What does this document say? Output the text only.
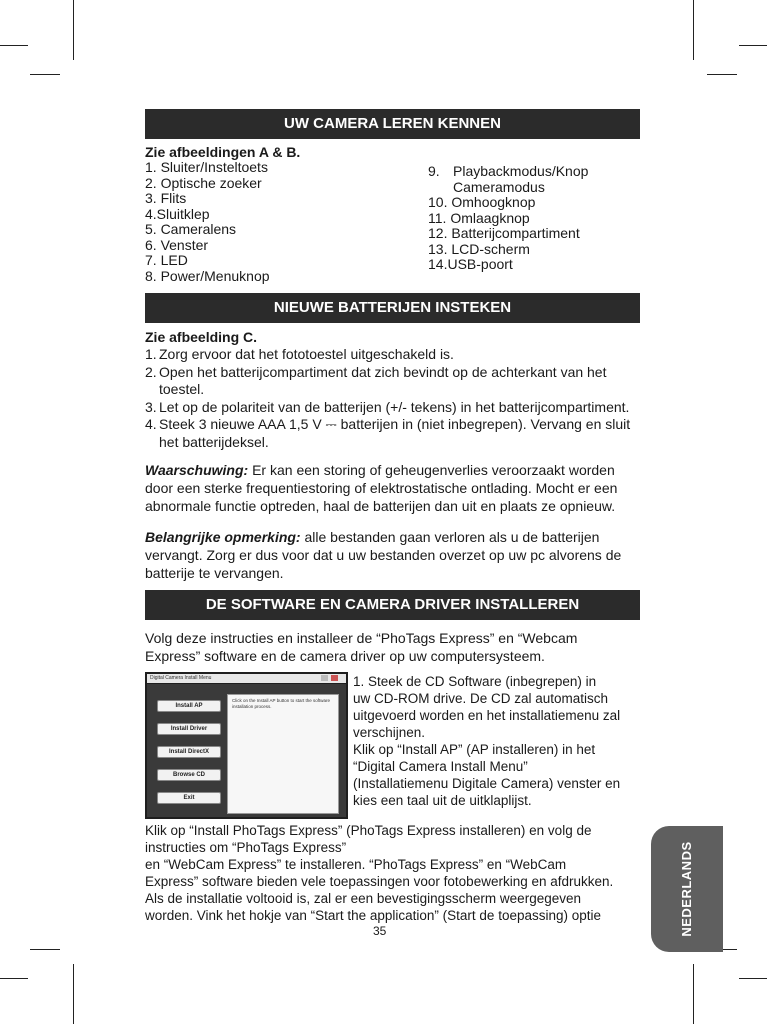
UW CAMERA LEREN KENNEN
Zie afbeeldingen A & B.
1. Sluiter/Insteltoets
2. Optische zoeker
3. Flits
4.Sluitklep
5. Cameralens
6. Venster
7. LED
8. Power/Menuknop
9. Playbackmodus/Knop
Cameramodus
10. Omhoogknop
11. Omlaagknop
12. Batterijcompartiment
13. LCD-scherm
14.USB-poort
NIEUWE BATTERIJEN INSTEKEN
Zie afbeelding C.
1. Zorg ervoor dat het fototoestel uitgeschakeld is.
2. Open het batterijcompartiment dat zich bevindt op de achterkant van het toestel.
3. Let op de polariteit van de batterijen (+/- tekens) in het batterijcompartiment.
4. Steek 3 nieuwe AAA 1,5 V ⎓ batterijen in (niet inbegrepen). Vervang en sluit het batterijdeksel.

Waarschuwing: Er kan een storing of geheugenverlies veroorzaakt worden door een sterke frequentiestoring of elektrostatische ontlading. Mocht er een abnormale functie optreden, haal de batterijen dan uit en plaats ze opnieuw.

Belangrijke opmerking: alle bestanden gaan verloren als u de batterijen vervangt. Zorg er dus voor dat u uw bestanden overzet op uw pc alvorens de batterije te vervangen.

DE SOFTWARE EN CAMERA DRIVER INSTALLEREN

Volg deze instructies en installeer de “PhoTags Express” en “Webcam Express” software en de camera driver op uw computersysteem.

Digital Camera Install Menu
Install AP
Install Driver
Install DirectX
Browse CD
Exit
Click on the Install AP button to start the software installation process.
1. Steek de CD Software (inbegrepen) in
uw CD-ROM drive. De CD zal automatisch
uitgevoerd worden en het installatiemenu zal
verschijnen.
Klik op “Install AP” (AP installeren) in het
“Digital Camera Install Menu”
(Installatiemenu Digitale Camera) venster en
kies een taal uit de uitklaplijst.
Klik op “Install PhoTags Express” (PhoTags Express installeren) en volg de
instructies om “PhoTags Express”
en “WebCam Express” te installeren. “PhoTags Express” en “WebCam
Express” software bieden vele toepassingen voor fotobewerking en afdrukken.
Als de installatie voltooid is, zal er een bevestigingsscherm weergegeven
worden. Vink het hokje van “Start the application” (Start de toepassing) optie
35	NEDERLANDS
